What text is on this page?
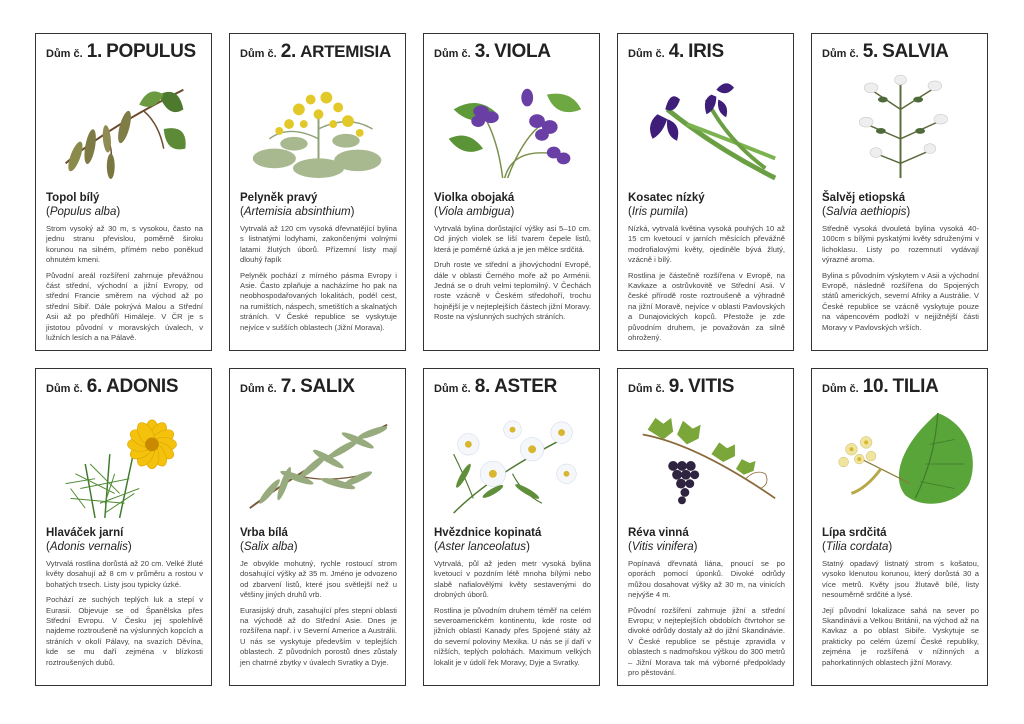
Dům č. 1. POPULUS
Topol bílý
(Populus alba)

Strom vysoký až 30 m, s vysokou, často na jednu stranu převislou, poměrně široku korunou na silném, přímém nebo poněkud ohnutém kmeni.

Původní areál rozšíření zahrnuje převážnou část střední, východní a jižní Evropy, od střední Francie směrem na východ až po střední Sibiř. Dále pokrývá Malou a Střední Asii až po předhůří Himáleje. V ČR je s jistotou původní v moravských úvalech, v lužních lesích a na Pálavě.

Dům č. 2. ARTEMISIA
Pelyněk pravý
(Artemisia absinthium)

Vytrvalá až 120 cm vysoká dřevnatějící bylina s listnatými lodyhami, zakončenými volnými latami žlutých úborů. Přízemní listy mají dlouhý řapík

Pelyněk pochází z mírného pásma Evropy i Asie. Často zplaňuje a nacházíme ho pak na neobhospodařovaných lokalitách, podél cest, na rumištích, náspech, smetištích a skalnatých stráních. V České republice se vyskytuje nejvíce v sušších oblastech (Jižní Morava).

Dům č. 3. VIOLA
Violka obojaká
(Viola ambigua)

Vytrvalá bylina dorůstající výšky asi 5–10 cm. Od jiných violek se liší tvarem čepele listů, která je poměrně úzká a je jen mělce srdčitá.

Druh roste ve střední a jihovýchodní Evropě, dále v oblasti Černého moře až po Arménii. Jedná se o druh velmi teplomilný. V Čechách roste vzácně v Českém středohoří, trochu hojnější je v nejteplejších částech jižní Moravy. Roste na výslunných suchých stráních.

Dům č. 4. IRIS
Kosatec nízký
(Iris pumila)

Nízká, vytrvalá květina vysoká pouhých 10 až 15 cm kvetoucí v jarních měsících převážně modrofialovými květy, ojediněle bývá žlutý, vzácně i bílý.

Rostlina je částečně rozšířena v Evropě, na Kavkaze a ostrůvkovitě ve Střední Asii. V české přírodě roste roztroušeně a výhradně na jižní Moravě, nejvíce v oblasti Pavlovských a Dunajovických kopců. Přestože je zde původním druhem, je považován za silně ohrožený.

Dům č. 5. SALVIA
Šalvěj etiopská
(Salvia aethiopis)

Středně vysoká dvouletá bylina vysoká 40-100cm s bílými pyskatými květy sdruženými v lichoklasu. Listy po rozemnutí vydávají výrazné aroma.

Bylina s původním výskytem v Asii a východní Evropě, následně rozšířena do Spojených států amerických, severní Afriky a Austrálie. V České republice se vzácně vyskytuje pouze na vápencovém podloží v nejjižnější části Moravy v Pavlovských vrších.

Dům č. 6. ADONIS
Hlaváček jarní
(Adonis vernalis)

Vytrvalá rostlina dorůstá až 20 cm. Velké žluté květy dosahují až 8 cm v průměru a rostou v bohatých trsech. Listy jsou typicky úzké.

Pochází ze suchých teplých luk a stepí v Eurasii. Objevuje se od Španělska přes Střední Evropu. V Česku jej spolehlivě najdeme roztroušeně na výslunných kopcích a stráních v okolí Pálavy, na svazích Děvína, kde se mu daří zejména v blízkosti roztroušených dubů.

Dům č. 7. SALIX
Vrba bílá
(Salix alba)

Je obvykle mohutný, rychle rostoucí strom dosahující výšky až 35 m. Jméno je odvozeno od zbarvení listů, které jsou světlejší než u většiny jiných druhů vrb.

Eurasijský druh, zasahující přes stepní oblasti na východě až do Střední Asie. Dnes je rozšířena např. i v Severní Americe a Austrálii. U nás se vyskytuje především v teplejších oblastech. Z původních porostů dnes zůstaly jen chatrné zbytky v úvalech Svratky a Dyje.

Dům č. 8. ASTER
Hvězdnice kopinatá
(Aster lanceolatus)

Vytrvalá, půl až jeden metr vysoká bylina kvetoucí v pozdním létě mnoha bílými nebo slabě nafialovělými květy sestavenými do drobných úborů.

Rostlina je původním druhem téměř na celém severoamerickém kontinentu, kde roste od jižních oblastí Kanady přes Spojené státy až do severní poloviny Mexika. U nás se jí daří v nížších, teplých polohách. Maximum velkých lokalit je v údolí řek Moravy, Dyje a Svratky.

Dům č. 9. VITIS
Réva vinná
(Vitis vinifera)

Popínavá dřevnatá liána, pnoucí se po oporách pomocí úponků. Divoké odrůdy můžou dosahovat výšky až 30 m, na vinicích nejvýše 4 m.

Původní rozšíření zahrnuje jižní a střední Evropu; v nejteplejších obdobích čtvrtohor se divoké odrůdy dostaly až do jižní Skandinávie. V České republice se pěstuje zpravidla v oblastech s nadmořskou výškou do 300 metrů – Jižní Morava tak má výborné předpoklady pro pěstování.

Dům č. 10. TILIA
Lípa srdčitá
(Tilia cordata)

Statný opadavý listnatý strom s košatou, vysoko klenutou korunou, který dorůstá 30 a více metrů. Květy jsou žlutavě bílé, listy nesouměrně srdčité a lysé.

Její původní lokalizace sahá na sever po Skandinávii a Velkou Británii, na východ až na Kavkaz a po oblast Sibiře. Vyskytuje se prakticky po celém území České republiky, zejména je rozšířená v nížinných a pahorkatinných oblastech jižní Moravy.
